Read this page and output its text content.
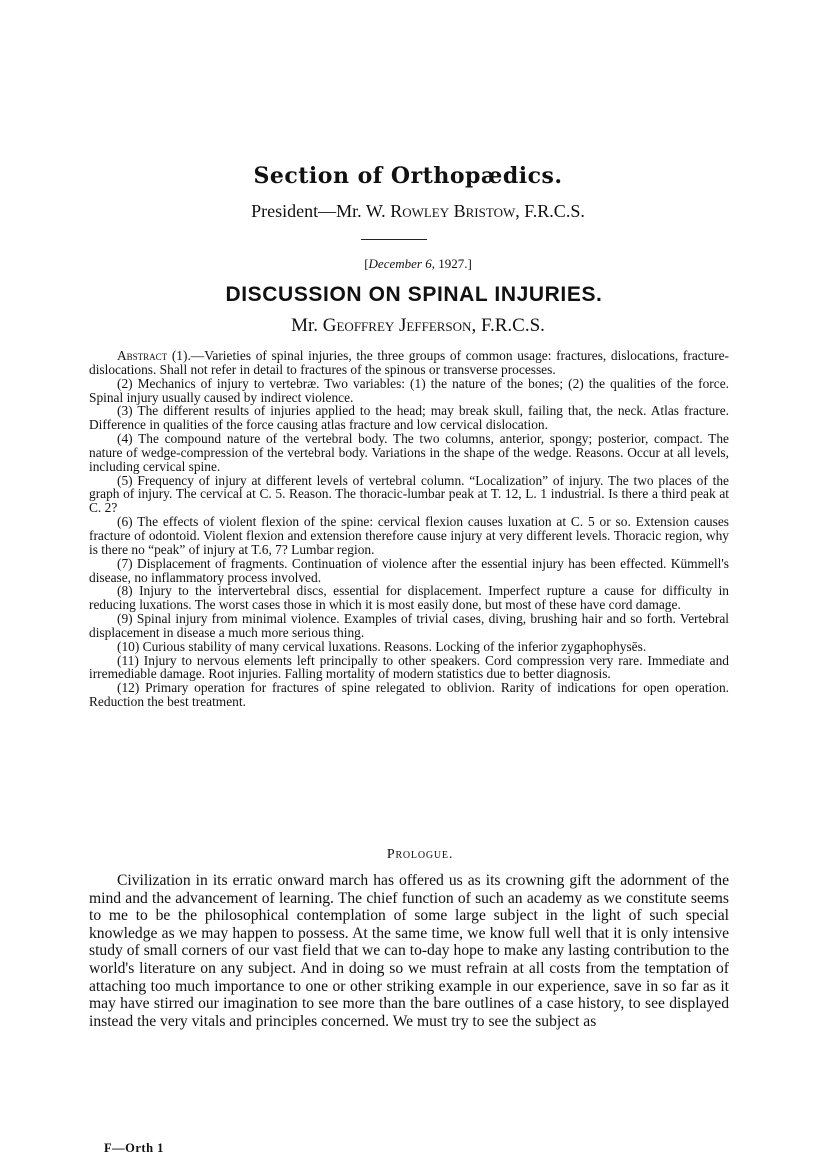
Section of Orthopædics.
President—Mr. W. Rowley Bristow, F.R.C.S.
[December 6, 1927.]
DISCUSSION ON SPINAL INJURIES.
Mr. Geoffrey Jefferson, F.R.C.S.

Abstract (1).—Varieties of spinal injuries, the three groups of common usage: fractures, dislocations, fracture-dislocations. Shall not refer in detail to fractures of the spinous or transverse processes.

(2) Mechanics of injury to vertebræ. Two variables: (1) the nature of the bones; (2) the qualities of the force. Spinal injury usually caused by indirect violence.

(3) The different results of injuries applied to the head; may break skull, failing that, the neck. Atlas fracture. Difference in qualities of the force causing atlas fracture and low cervical dislocation.

(4) The compound nature of the vertebral body. The two columns, anterior, spongy; posterior, compact. The nature of wedge-compression of the vertebral body. Variations in the shape of the wedge. Reasons. Occur at all levels, including cervical spine.

(5) Frequency of injury at different levels of vertebral column. “Localization” of injury. The two places of the graph of injury. The cervical at C. 5. Reason. The thoracic-lumbar peak at T. 12, L. 1 industrial. Is there a third peak at C. 2?

(6) The effects of violent flexion of the spine: cervical flexion causes luxation at C. 5 or so. Extension causes fracture of odontoid. Violent flexion and extension therefore cause injury at very different levels. Thoracic region, why is there no “peak” of injury at T.6, 7? Lumbar region.

(7) Displacement of fragments. Continuation of violence after the essential injury has been effected. Kümmell's disease, no inflammatory process involved.

(8) Injury to the intervertebral discs, essential for displacement. Imperfect rupture a cause for difficulty in reducing luxations. The worst cases those in which it is most easily done, but most of these have cord damage.

(9) Spinal injury from minimal violence. Examples of trivial cases, diving, brushing hair and so forth. Vertebral displacement in disease a much more serious thing.

(10) Curious stability of many cervical luxations. Reasons. Locking of the inferior zygaphophysēs.

(11) Injury to nervous elements left principally to other speakers. Cord compression very rare. Immediate and irremediable damage. Root injuries. Falling mortality of modern statistics due to better diagnosis.

(12) Primary operation for fractures of spine relegated to oblivion. Rarity of indications for open operation. Reduction the best treatment.

Prologue.

Civilization in its erratic onward march has offered us as its crowning gift the adornment of the mind and the advancement of learning. The chief function of such an academy as we constitute seems to me to be the philosophical contemplation of some large subject in the light of such special knowledge as we may happen to possess. At the same time, we know full well that it is only intensive study of small corners of our vast field that we can to-day hope to make any lasting contribution to the world's literature on any subject. And in doing so we must refrain at all costs from the temptation of attaching too much importance to one or other striking example in our experience, save in so far as it may have stirred our imagination to see more than the bare outlines of a case history, to see displayed instead the very vitals and principles concerned. We must try to see the subject as

F—Orth 1
